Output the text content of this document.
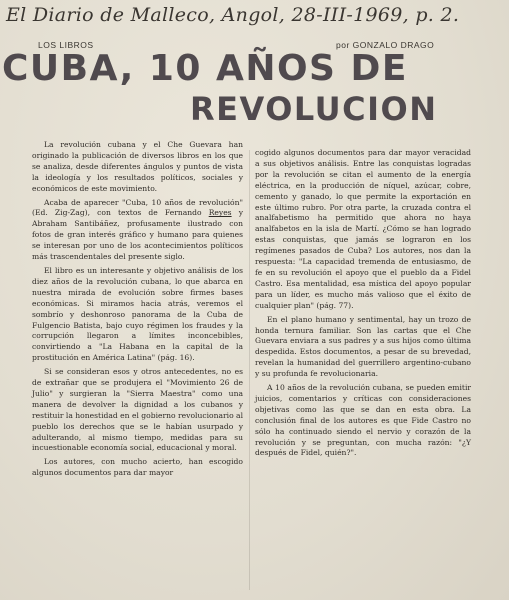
El Diario de Malleco, Angol, 28-III-1969, p. 2.
LOS LIBROS	por GONZALO DRAGO
CUBA, 10 AÑOS DE
REVOLUCION

La revolución cubana y el Che Guevara han originado la publicación de diversos libros en los que se analiza, desde diferentes ángulos y puntos de vista la ideología y los resultados políticos, sociales y económicos de este movimiento.

Acaba de aparecer "Cuba, 10 años de revolución" (Ed. Zig-Zag), con textos de Fernando Reyes y Abraham Santibáñez, profusamente ilustrado con fotos de gran interés gráfico y humano para quienes se interesan por uno de los acontecimientos políticos más trascendentales del presente siglo.

El libro es un interesante y objetivo análisis de los diez años de la revolución cubana, lo que abarca en nuestra mirada de evolución sobre firmes bases económicas. Si miramos hacia atrás, veremos el sombrío y deshonroso panorama de la Cuba de Fulgencio Batista, bajo cuyo régimen los fraudes y la corrupción llegaron a límites inconcebibles, convirtiendo a "La Habana en la capital de la prostitución en América Latina" (pág. 16).

Si se consideran esos y otros antecedentes, no es de extrañar que se produjera el "Movimiento 26 de Julio" y surgieran la "Sierra Maestra" como una manera de devolver la dignidad a los cubanos y restituir la honestidad en el gobierno revolucionario al pueblo los derechos que se le habían usurpado y adulterando, al mismo tiempo, medidas para su incuestionable economía social, educacional y moral.

Los autores, con mucho acierto, han escogido algunos documentos para dar mayor

cogido algunos documentos para dar mayor veracidad a sus objetivos análisis. Entre las conquistas logradas por la revolución se citan el aumento de la energía eléctrica, en la producción de níquel, azúcar, cobre, cemento y ganado, lo que permite la exportación en este último rubro. Por otra parte, la cruzada contra el analfabetismo ha permitido que ahora no haya analfabetos en la isla de Martí. ¿Cómo se han logrado estas conquistas, que jamás se lograron en los regímenes pasados de Cuba? Los autores, nos dan la respuesta: "La capacidad tremenda de entusiasmo, de fe en su revolución el apoyo que el pueblo da a Fidel Castro. Esa mentalidad, esa mística del apoyo popular para un líder, es mucho más valioso que el éxito de cualquier plan" (pág. 77).

En el plano humano y sentimental, hay un trozo de honda ternura familiar. Son las cartas que el Che Guevara enviara a sus padres y a sus hijos como última despedida. Estos documentos, a pesar de su brevedad, revelan la humanidad del guerrillero argentino-cubano y su profunda fe revolucionaria.

A 10 años de la revolución cubana, se pueden emitir juicios, comentarios y críticas con consideraciones objetivas como las que se dan en esta obra. La conclusión final de los autores es que Fide Castro no sólo ha continuado siendo el nervio y corazón de la revolución y se preguntan, con mucha razón: "¿Y después de Fidel, quién?".
